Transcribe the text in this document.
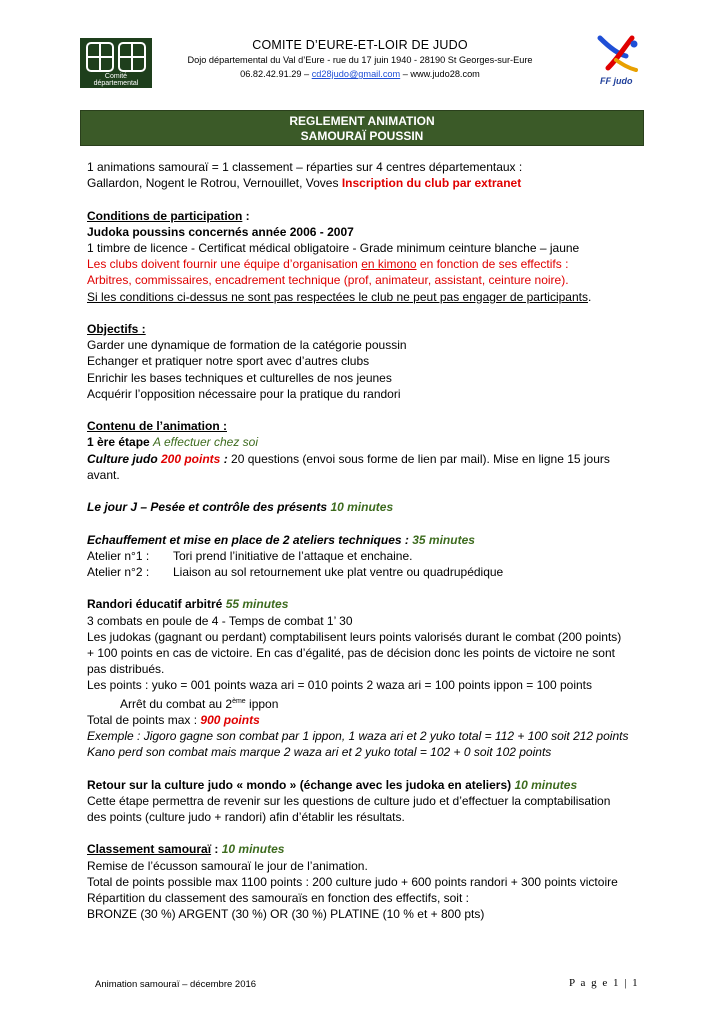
Comité
départemental
COMITE D’EURE-ET-LOIR DE JUDO
Dojo départemental du Val d’Eure - rue du 17 juin 1940 - 28190 St Georges-sur-Eure
06.82.42.91.29 – cd28judo@gmail.com – www.judo28.com
FF judo
REGLEMENT ANIMATION
SAMOURAÏ POUSSIN

1 animations samouraï = 1 classement – réparties sur 4 centres départementaux :

Gallardon, Nogent le Rotrou, Vernouillet, Voves Inscription du club par extranet

Conditions de participation :

Judoka poussins concernés année 2006 - 2007

1 timbre de licence - Certificat médical obligatoire - Grade minimum ceinture blanche – jaune

Les clubs doivent fournir une équipe d’organisation en kimono en fonction de ses effectifs :

Arbitres, commissaires, encadrement technique (prof, animateur, assistant, ceinture noire).

Si les conditions ci-dessus ne sont pas respectées le club ne peut pas engager de participants.

Objectifs :

Garder une dynamique de formation de la catégorie poussin

Echanger et pratiquer notre sport avec d’autres clubs

Enrichir les bases techniques et culturelles de nos jeunes

Acquérir l’opposition nécessaire pour la pratique du randori

Contenu de l’animation :

1 ère étape A effectuer chez soi

Culture judo 200 points : 20 questions (envoi sous forme de lien par mail). Mise en ligne 15 jours

avant.

Le jour J – Pesée et contrôle des présents 10 minutes

Echauffement et mise en place de 2 ateliers techniques : 35 minutes

Atelier n°1 : Tori prend l’initiative de l’attaque et enchaine.

Atelier n°2 : Liaison au sol retournement uke plat ventre ou quadrupédique

Randori éducatif arbitré 55 minutes

3 combats en poule de 4 - Temps de combat 1’ 30

Les judokas (gagnant ou perdant) comptabilisent leurs points valorisés durant le combat (200 points)

+ 100 points en cas de victoire. En cas d’égalité, pas de décision donc les points de victoire ne sont

pas distribués.

Les points : yuko = 001 points waza ari = 010 points 2 waza ari = 100 points ippon = 100 points

Arrêt du combat au 2ème ippon

Total de points max : 900 points

Exemple : Jigoro gagne son combat par 1 ippon, 1 waza ari et 2 yuko total = 112 + 100 soit 212 points

Kano perd son combat mais marque 2 waza ari et 2 yuko total = 102 + 0 soit 102 points

Retour sur la culture judo « mondo » (échange avec les judoka en ateliers) 10 minutes

Cette étape permettra de revenir sur les questions de culture judo et d’effectuer la comptabilisation

des points (culture judo + randori) afin d’établir les résultats.

Classement samouraï : 10 minutes

Remise de l’écusson samouraï le jour de l’animation.

Total de points possible max 1100 points : 200 culture judo + 600 points randori + 300 points victoire

Répartition du classement des samouraïs en fonction des effectifs, soit :

BRONZE (30 %) ARGENT (30 %) OR (30 %) PLATINE (10 % et + 800 pts)

Animation samouraï – décembre 2016	P a g e 1 | 1
